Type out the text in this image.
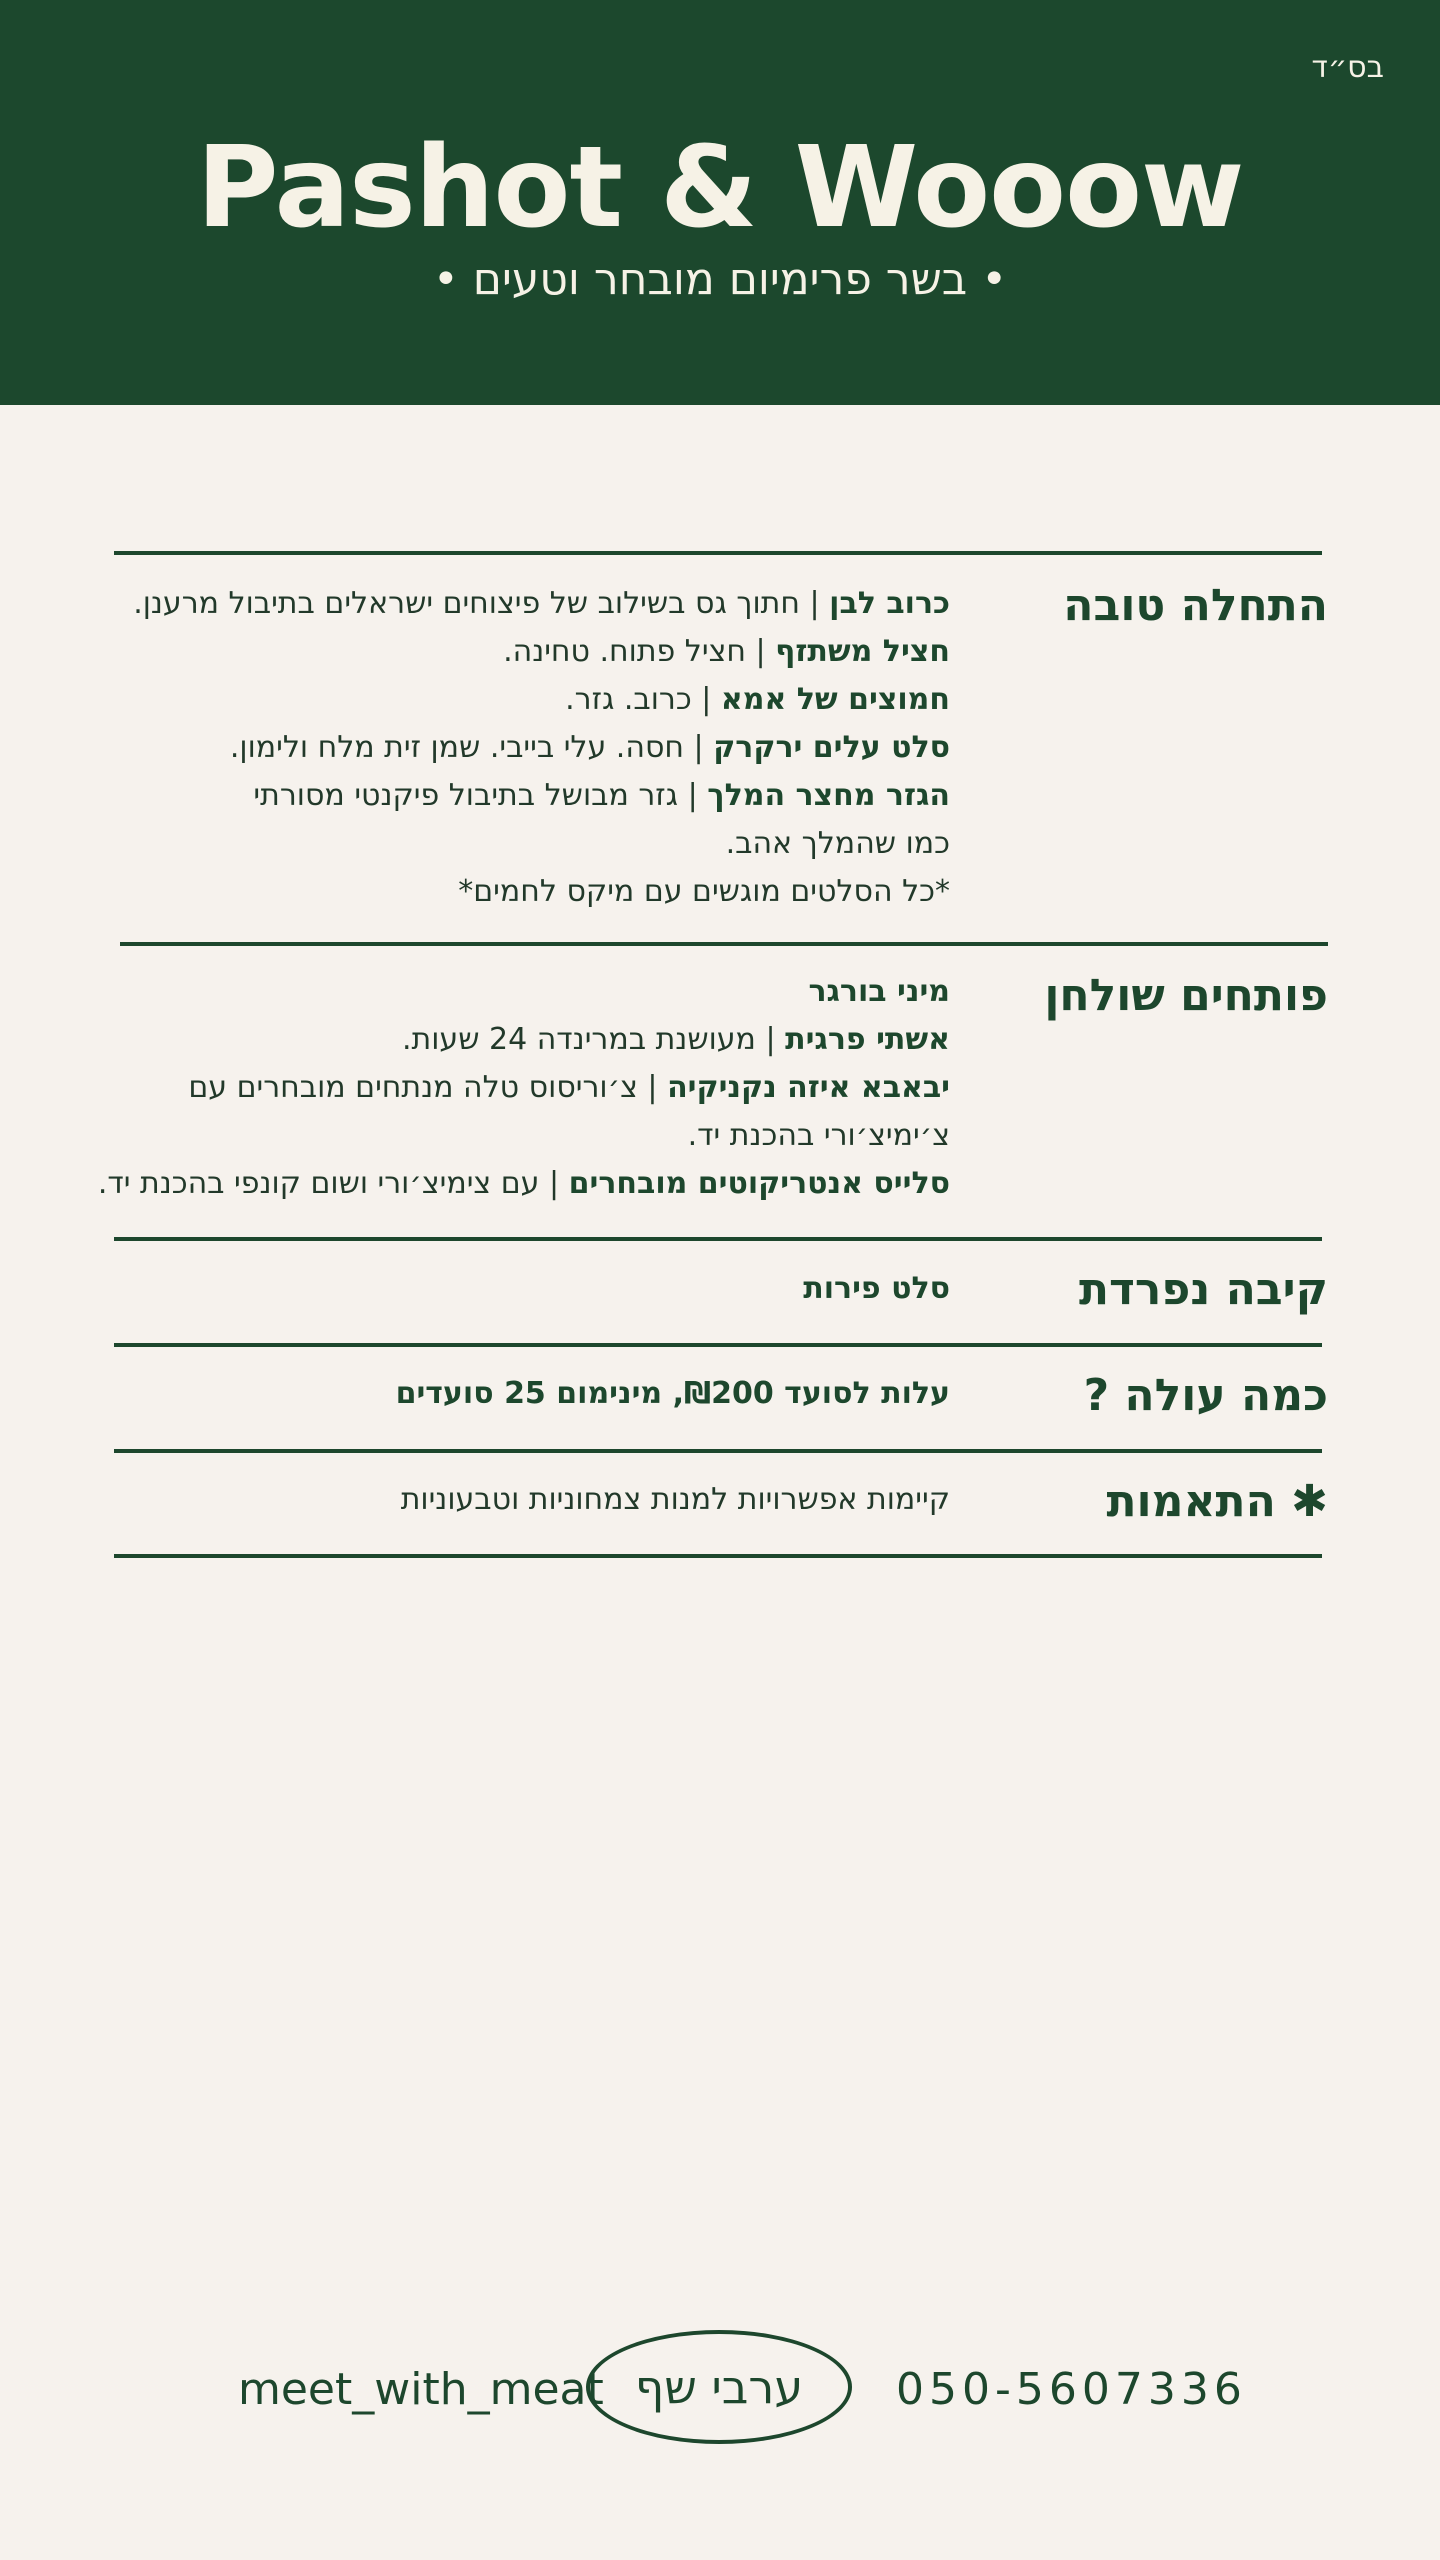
בס״ד
Pashot & Wooow
• בשר פרימיום מובחר וטעים •
התחלה טובה
כרוב לבן | חתוך גס בשילוב של פיצוחים ישראלים בתיבול מרענן.
חציל משתזף | חציל פתוח. טחינה.
חמוצים של אמא | כרוב. גזר.
סלט עלים ירקרק | חסה. עלי בייבי. שמן זית מלח ולימון.
הגזר מחצר המלך | גזר מבושל בתיבול פיקנטי מסורתי
כמו שהמלך אהב.
*כל הסלטים מוגשים עם מיקס לחמים*
פותחים שולחן
מיני בורגר
אשתי פרגית | מעושנת במרינדה 24 שעות.
יבאבא איזה נקניקיה | צ׳וריסוס טלה מנתחים מובחרים עם
צ׳ימיצ׳ורי בהכנת יד.
סלייס אנטריקוטים מובחרים | עם צימיצ׳ורי ושום קונפי בהכנת יד.
קיבה נפרדת
סלט פירות
כמה עולה ?
עלות לסועד ₪200, מינימום 25 סועדים
✱ התאמות
קיימות אפשרויות למנות צמחוניות וטבעוניות
meet_with_meat ערבי שף 050-5607336
